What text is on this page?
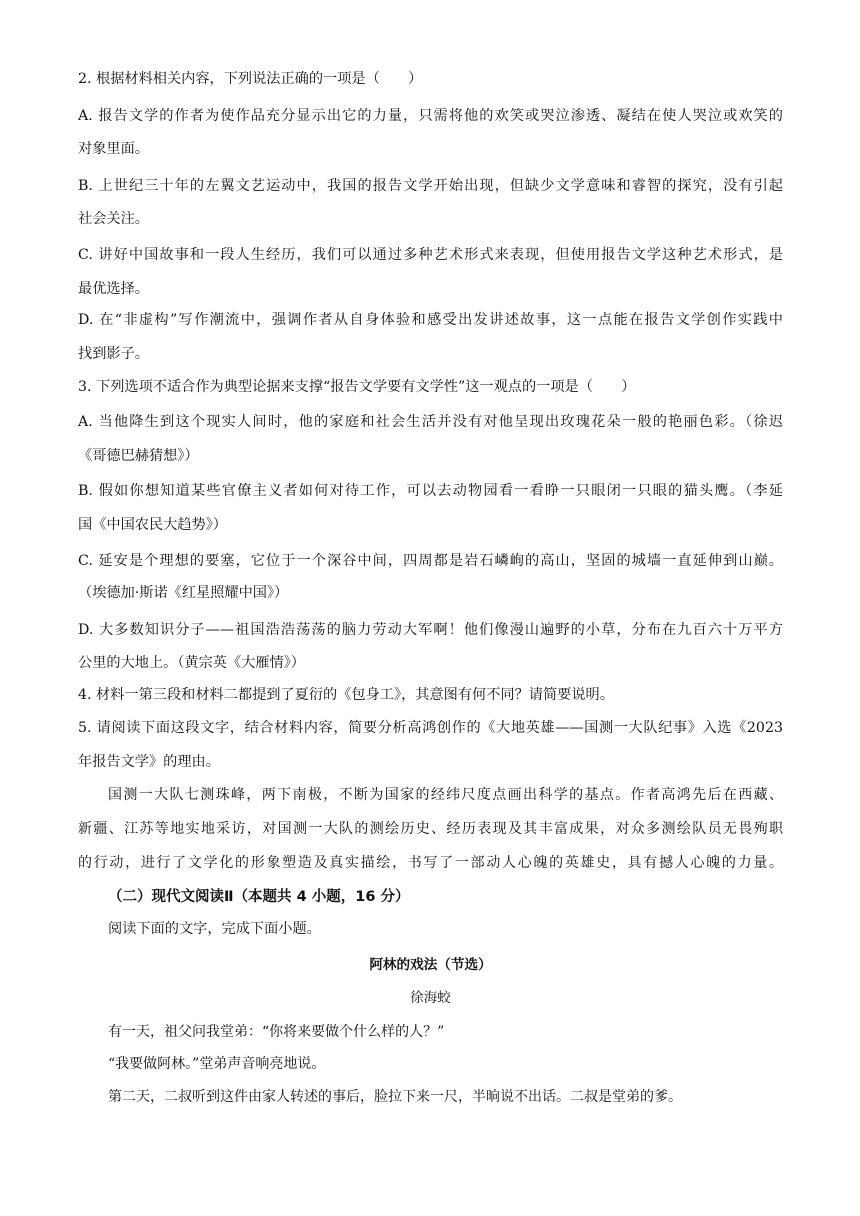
2. 根据材料相关内容，下列说法正确的一项是（　　）
A. 报告文学的作者为使作品充分显示出它的力量，只需将他的欢笑或哭泣渗透、凝结在使人哭泣或欢笑的
对象里面。
B. 上世纪三十年的左翼文艺运动中，我国的报告文学开始出现，但缺少文学意味和睿智的探究，没有引起
社会关注。
C. 讲好中国故事和一段人生经历，我们可以通过多种艺术形式来表现，但使用报告文学这种艺术形式，是
最优选择。
D. 在“非虚构”写作潮流中，强调作者从自身体验和感受出发讲述故事，这一点能在报告文学创作实践中
找到影子。
3. 下列选项不适合作为典型论据来支撑“报告文学要有文学性”这一观点的一项是（　　）
A. 当他降生到这个现实人间时，他的家庭和社会生活并没有对他呈现出玫瑰花朵一般的艳丽色彩。（徐迟
《哥德巴赫猜想》）
B. 假如你想知道某些官僚主义者如何对待工作，可以去动物园看一看睁一只眼闭一只眼的猫头鹰。（李延
国《中国农民大趋势》）
C. 延安是个理想的要塞，它位于一个深谷中间，四周都是岩石嶙峋的高山，坚固的城墙一直延伸到山巅。
（埃德加·斯诺《红星照耀中国》）
D. 大多数知识分子——祖国浩浩荡荡的脑力劳动大军啊！他们像漫山遍野的小草，分布在九百六十万平方
公里的大地上。（黄宗英《大雁情》）
4. 材料一第三段和材料二都提到了夏衍的《包身工》，其意图有何不同？请简要说明。
5. 请阅读下面这段文字，结合材料内容，简要分析高鸿创作的《大地英雄——国测一大队纪事》入选《2023
年报告文学》的理由。
国测一大队七测珠峰，两下南极，不断为国家的经纬尺度点画出科学的基点。作者高鸿先后在西藏、
新疆、江苏等地实地采访，对国测一大队的测绘历史、经历表现及其丰富成果，对众多测绘队员无畏殉职
的行动，进行了文学化的形象塑造及真实描绘，书写了一部动人心魄的英雄史，具有撼人心魄的力量。
（二）现代文阅读Ⅱ（本题共 4 小题，16 分）
阅读下面的文字，完成下面小题。
阿林的戏法（节选）
徐海蛟
有一天，祖父问我堂弟：“你将来要做个什么样的人？”
“我要做阿林。”堂弟声音响亮地说。
第二天，二叔听到这件由家人转述的事后，脸拉下来一尺，半晌说不出话。二叔是堂弟的爹。
